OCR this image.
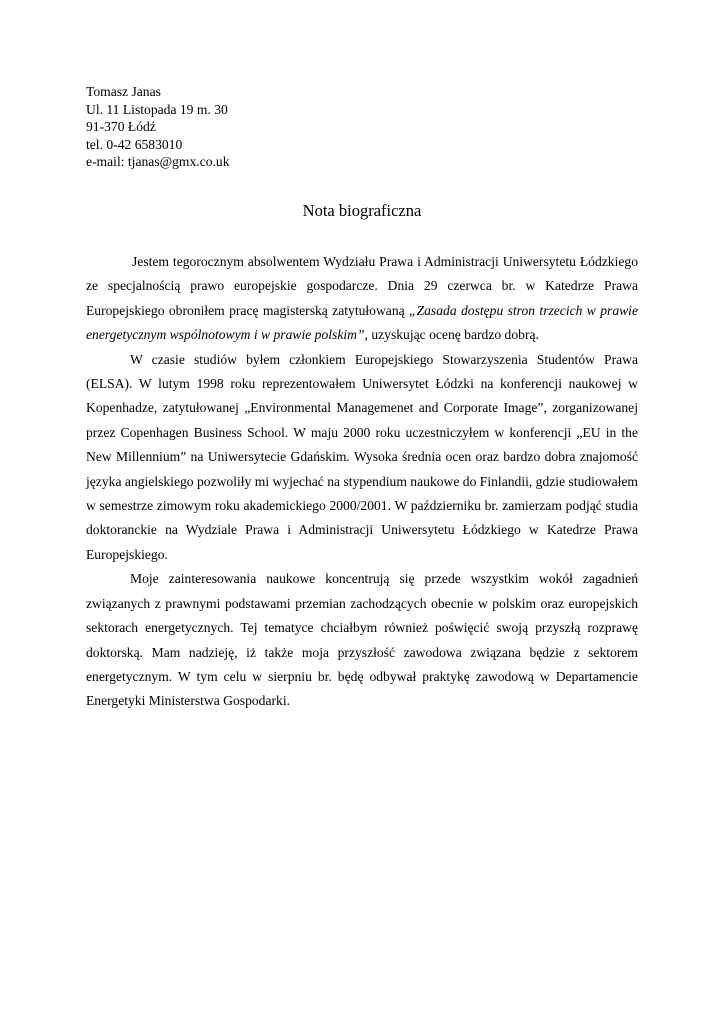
Tomasz Janas
Ul. 11 Listopada 19 m. 30
91-370 Łódź
tel. 0-42 6583010
e-mail: tjanas@gmx.co.uk
Nota biograficzna

Jestem tegorocznym absolwentem Wydziału Prawa i Administracji Uniwersytetu Łódzkiego ze specjalnością prawo europejskie gospodarcze. Dnia 29 czerwca br. w Katedrze Prawa Europejskiego obroniłem pracę magisterską zatytułowaną „Zasada dostępu stron trzecich w prawie energetycznym wspólnotowym i w prawie polskim”, uzyskując ocenę bardzo dobrą.

W czasie studiów byłem członkiem Europejskiego Stowarzyszenia Studentów Prawa (ELSA). W lutym 1998 roku reprezentowałem Uniwersytet Łódzki na konferencji naukowej w Kopenhadze, zatytułowanej „Environmental Managemenet and Corporate Image”, zorganizowanej przez Copenhagen Business School. W maju 2000 roku uczestniczyłem w konferencji „EU in the New Millennium” na Uniwersytecie Gdańskim. Wysoka średnia ocen oraz bardzo dobra znajomość języka angielskiego pozwoliły mi wyjechać na stypendium naukowe do Finlandii, gdzie studiowałem w semestrze zimowym roku akademickiego 2000/2001. W październiku br. zamierzam podjąć studia doktoranckie na Wydziale Prawa i Administracji Uniwersytetu Łódzkiego w Katedrze Prawa Europejskiego.

Moje zainteresowania naukowe koncentrują się przede wszystkim wokół zagadnień związanych z prawnymi podstawami przemian zachodzących obecnie w polskim oraz europejskich sektorach energetycznych. Tej tematyce chciałbym również poświęcić swoją przyszłą rozprawę doktorską. Mam nadzieję, iż także moja przyszłość zawodowa związana będzie z sektorem energetycznym. W tym celu w sierpniu br. będę odbywał praktykę zawodową w Departamencie Energetyki Ministerstwa Gospodarki.
